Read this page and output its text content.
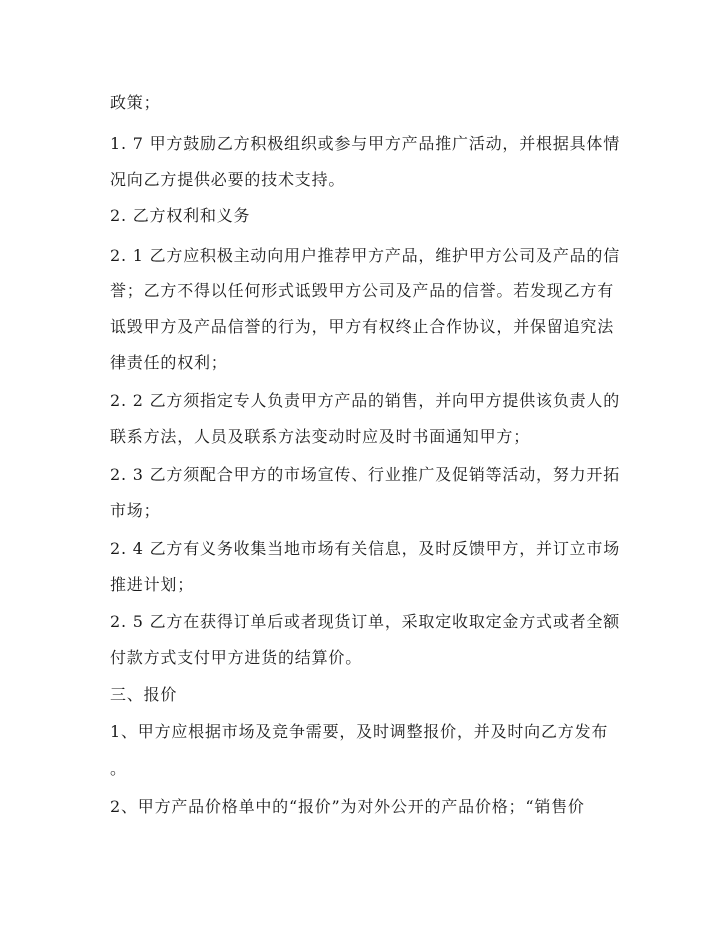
政策；
1. 7 甲方鼓励乙方积极组织或参与甲方产品推广活动，并根据具体情
况向乙方提供必要的技术支持。
2. 乙方权利和义务
2. 1 乙方应积极主动向用户推荐甲方产品，维护甲方公司及产品的信
誉；乙方不得以任何形式诋毁甲方公司及产品的信誉。若发现乙方有
诋毁甲方及产品信誉的行为，甲方有权终止合作协议，并保留追究法
律责任的权利；
2. 2 乙方须指定专人负责甲方产品的销售，并向甲方提供该负责人的
联系方法，人员及联系方法变动时应及时书面通知甲方；
2. 3 乙方须配合甲方的市场宣传、行业推广及促销等活动，努力开拓
市场；
2. 4 乙方有义务收集当地市场有关信息，及时反馈甲方，并订立市场
推进计划；
2. 5 乙方在获得订单后或者现货订单，采取定收取定金方式或者全额
付款方式支付甲方进货的结算价。
三、报价
1、甲方应根据市场及竞争需要，及时调整报价，并及时向乙方发布
。
2、甲方产品价格单中的“报价”为对外公开的产品价格；“销售价
